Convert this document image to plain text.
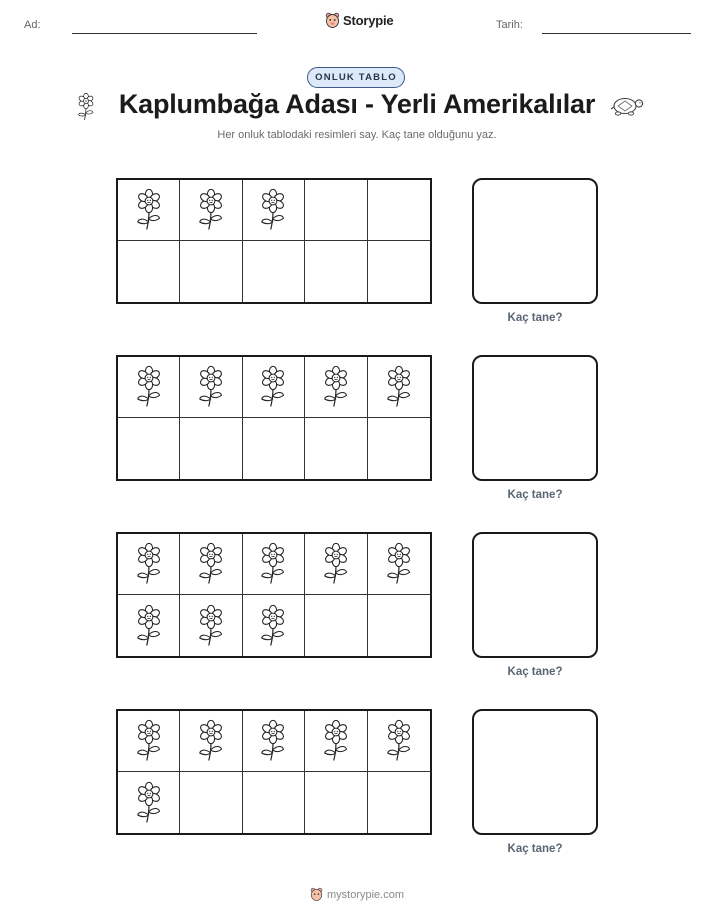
Ad:	Storypie	Tarih:
ONLUK TABLO
Kaplumbağa Adası - Yerli Amerikalılar
Her onluk tablodaki resimleri say. Kaç tane olduğunu yaz.
Kaç tane?
Kaç tane?
Kaç tane?
Kaç tane?
mystorypie.com
